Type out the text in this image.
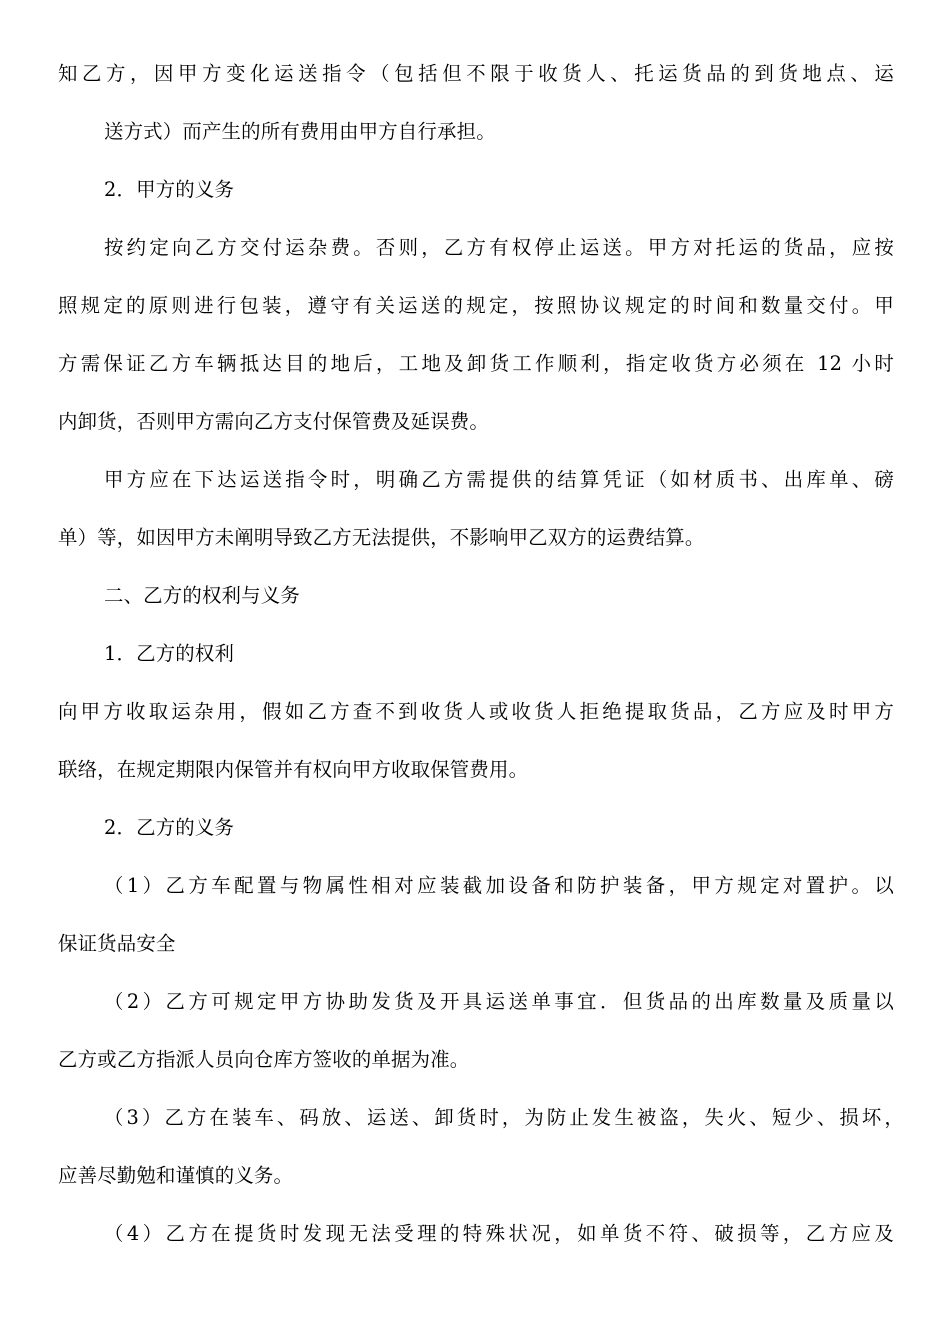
知乙方，因甲方变化运送指令（包括但不限于收货人、托运货品的到货地点、运
送方式）而产生的所有费用由甲方自行承担。
2．甲方的义务
按约定向乙方交付运杂费。否则，乙方有权停止运送。甲方对托运的货品，应按
照规定的原则进行包装，遵守有关运送的规定，按照协议规定的时间和数量交付。甲
方需保证乙方车辆抵达目的地后，工地及卸货工作顺利，指定收货方必须在 12 小时
内卸货，否则甲方需向乙方支付保管费及延误费。
甲方应在下达运送指令时，明确乙方需提供的结算凭证（如材质书、出库单、磅
单）等，如因甲方未阐明导致乙方无法提供，不影响甲乙双方的运费结算。
二、乙方的权利与义务
1．乙方的权利
向甲方收取运杂用，假如乙方查不到收货人或收货人拒绝提取货品，乙方应及时甲方
联络，在规定期限内保管并有权向甲方收取保管费用。
2．乙方的义务
（1）乙方车配置与物属性相对应装截加设备和防护装备，甲方规定对置护。以
保证货品安全
（2）乙方可规定甲方协助发货及开具运送单事宜．但货品的出库数量及质量以
乙方或乙方指派人员向仓库方签收的单据为准。
（3）乙方在装车、码放、运送、卸货时，为防止发生被盗，失火、短少、损坏，
应善尽勤勉和谨慎的义务。
（4）乙方在提货时发现无法受理的特殊状况，如单货不符、破损等，乙方应及
